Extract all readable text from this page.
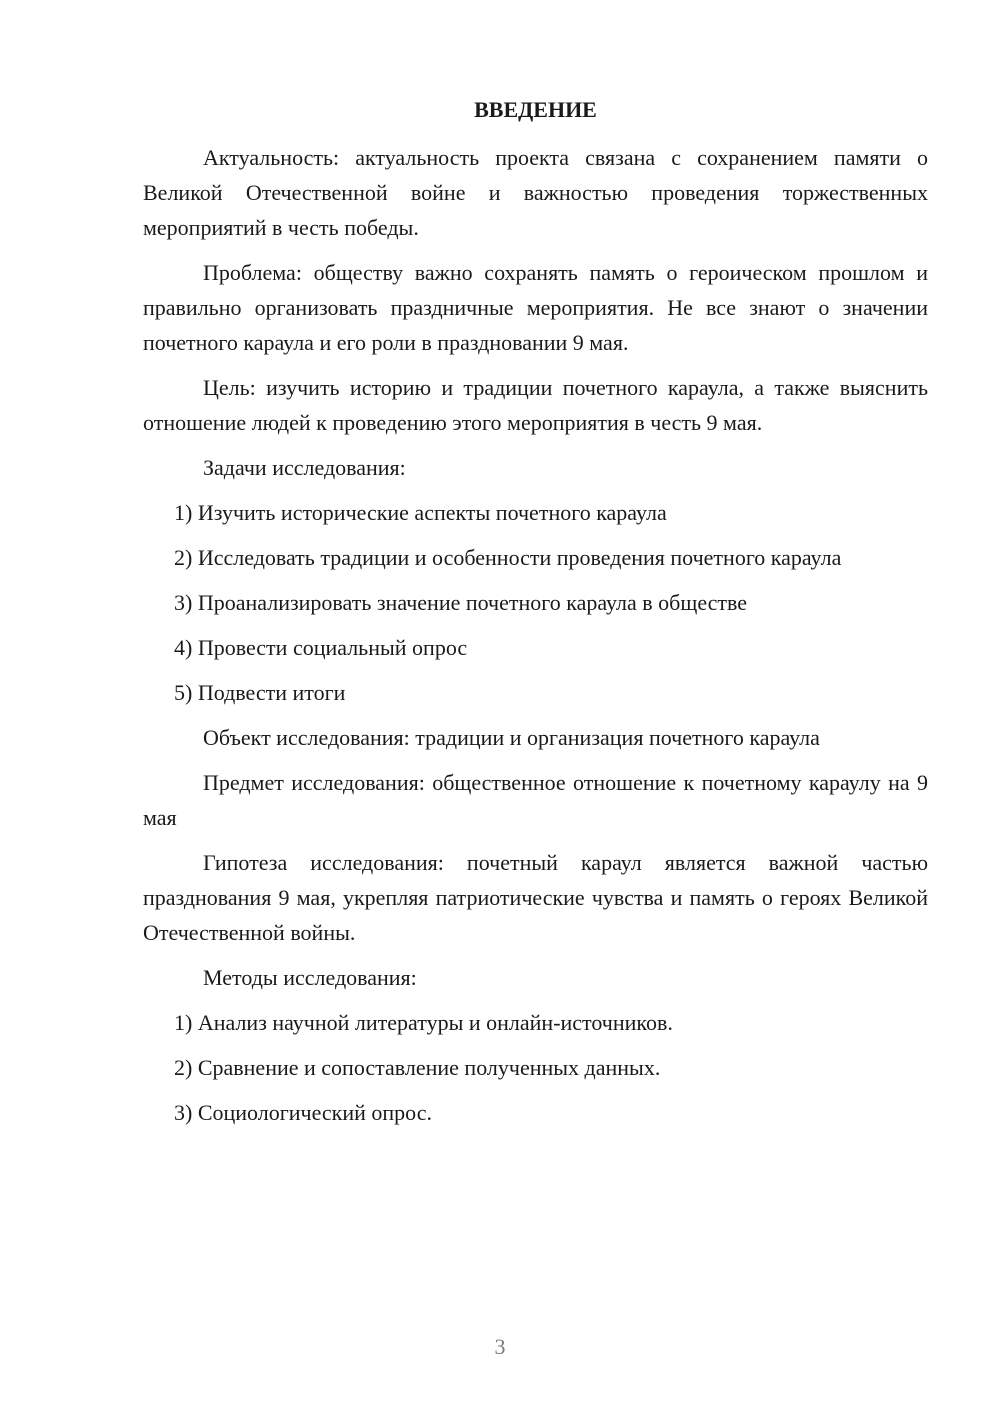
ВВЕДЕНИЕ

Актуальность: актуальность проекта связана с сохранением памяти о Великой Отечественной войне и важностью проведения торжественных мероприятий в честь победы.

Проблема: обществу важно сохранять память о героическом прошлом и правильно организовать праздничные мероприятия. Не все знают о значении почетного караула и его роли в праздновании 9 мая.

Цель: изучить историю и традиции почетного караула, а также выяснить отношение людей к проведению этого мероприятия в честь 9 мая.

Задачи исследования:

1) Изучить исторические аспекты почетного караула

2) Исследовать традиции и особенности проведения почетного караула

3) Проанализировать значение почетного караула в обществе

4) Провести социальный опрос

5) Подвести итоги

Объект исследования: традиции и организация почетного караула

Предмет исследования: общественное отношение к почетному караулу на 9 мая

Гипотеза исследования: почетный караул является важной частью празднования 9 мая, укрепляя патриотические чувства и память о героях Великой Отечественной войны.

Методы исследования:

1) Анализ научной литературы и онлайн-источников.

2) Сравнение и сопоставление полученных данных.

3) Социологический опрос.

3
